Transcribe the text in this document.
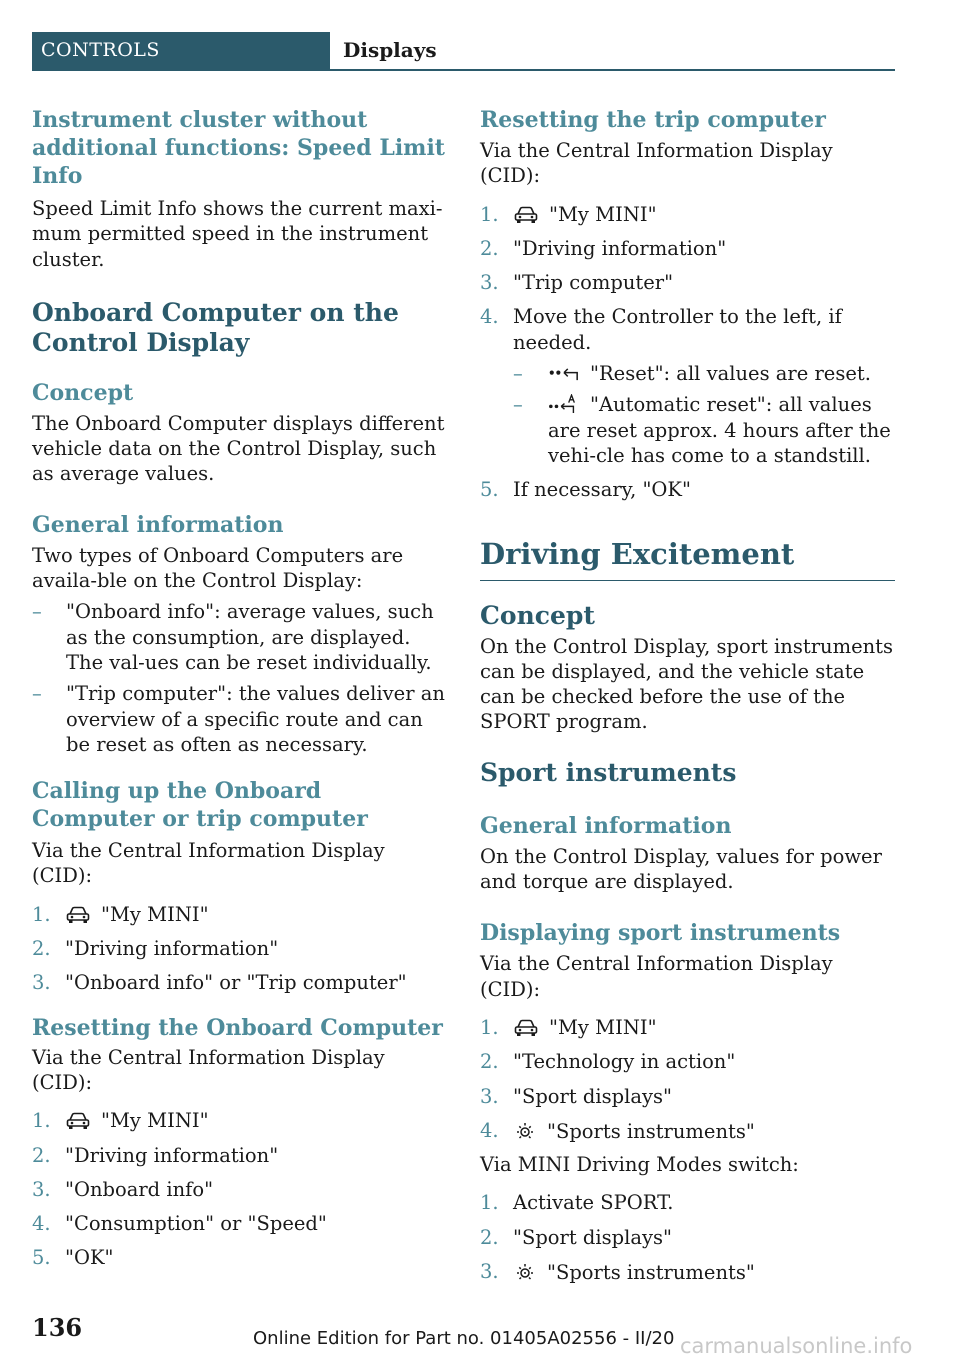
CONTROLS	Displays
Instrument cluster without additional functions: Speed Limit Info

Speed Limit Info shows the current maxi-mum permitted speed in the instrument cluster.

Onboard Computer on the Control Display
Concept

The Onboard Computer displays different vehicle data on the Control Display, such as average values.

General information

Two types of Onboard Computers are availa-ble on the Control Display:

– "Onboard info": average values, such as the consumption, are displayed. The val-ues can be reset individually.
– "Trip computer": the values deliver an overview of a specific route and can be reset as often as necessary.
Calling up the Onboard Computer or trip computer

Via the Central Information Display (CID):

1.	"My MINI"
2. "Driving information"
3. "Onboard info" or "Trip computer"
Resetting the Onboard Computer

Via the Central Information Display (CID):

1.	"My MINI"
2. "Driving information"
3. "Onboard info"
4. "Consumption" or "Speed"
5. "OK"
Resetting the trip computer

Via the Central Information Display (CID):

1.	"My MINI"
2. "Driving information"
3. "Trip computer"
4. Move the Controller to the left, if needed.
–	"Reset": all values are reset.
–	"Automatic reset": all values are reset approx. 4 hours after the vehi-cle has come to a standstill.
5. If necessary, "OK"
Driving Excitement
Concept

On the Control Display, sport instruments can be displayed, and the vehicle state can be checked before the use of the SPORT program.

Sport instruments
General information

On the Control Display, values for power and torque are displayed.

Displaying sport instruments

Via the Central Information Display (CID):

1.	"My MINI"
2. "Technology in action"
3. "Sport displays"
4. "Sports instruments"

Via MINI Driving Modes switch:

1. Activate SPORT.
2. "Sport displays"
3. "Sports instruments"
136	Online Edition for Part no. 01405A02556 - II/20 carmanualsonline.info
